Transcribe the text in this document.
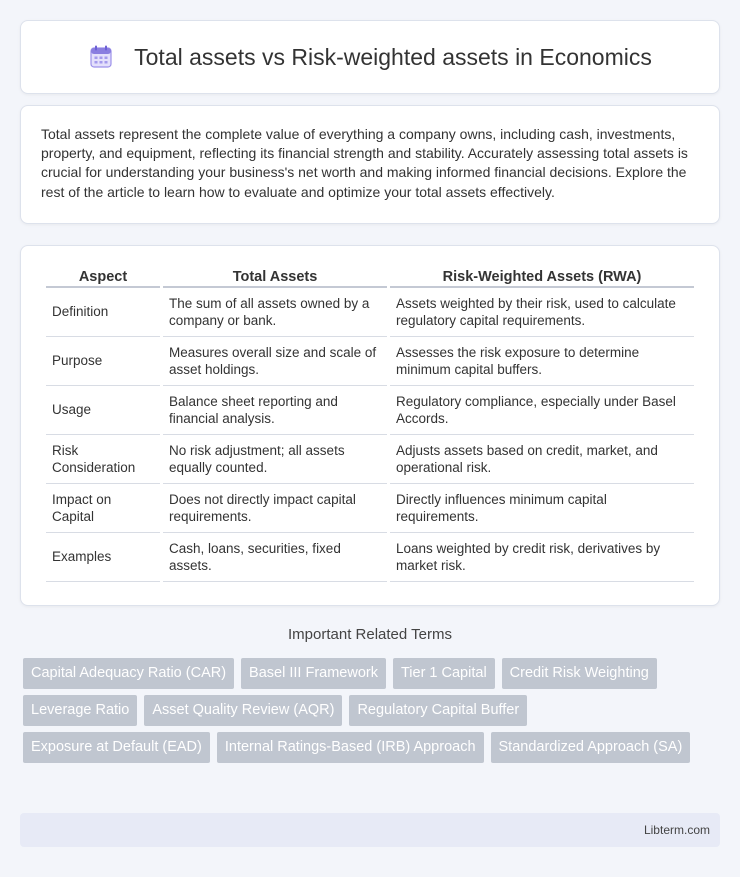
Total assets vs Risk-weighted assets in Economics

Total assets represent the complete value of everything a company owns, including cash, investments, property, and equipment, reflecting its financial strength and stability. Accurately assessing total assets is crucial for understanding your business's net worth and making informed financial decisions. Explore the rest of the article to learn how to evaluate and optimize your total assets effectively.

Aspect	Total Assets	Risk-Weighted Assets (RWA)
Definition	The sum of all assets owned by a company or bank.	Assets weighted by their risk, used to calculate regulatory capital requirements.
Purpose	Measures overall size and scale of asset holdings.	Assesses the risk exposure to determine minimum capital buffers.
Usage	Balance sheet reporting and financial analysis.	Regulatory compliance, especially under Basel Accords.
Risk Consideration	No risk adjustment; all assets equally counted.	Adjusts assets based on credit, market, and operational risk.
Impact on Capital	Does not directly impact capital requirements.	Directly influences minimum capital requirements.
Examples	Cash, loans, securities, fixed assets.	Loans weighted by credit risk, derivatives by market risk.
Important Related Terms
Capital Adequacy Ratio (CAR)	Basel III Framework	Tier 1 Capital	Credit Risk Weighting
Leverage Ratio	Asset Quality Review (AQR)	Regulatory Capital Buffer
Exposure at Default (EAD)	Internal Ratings-Based (IRB) Approach	Standardized Approach (SA)
Libterm.com
